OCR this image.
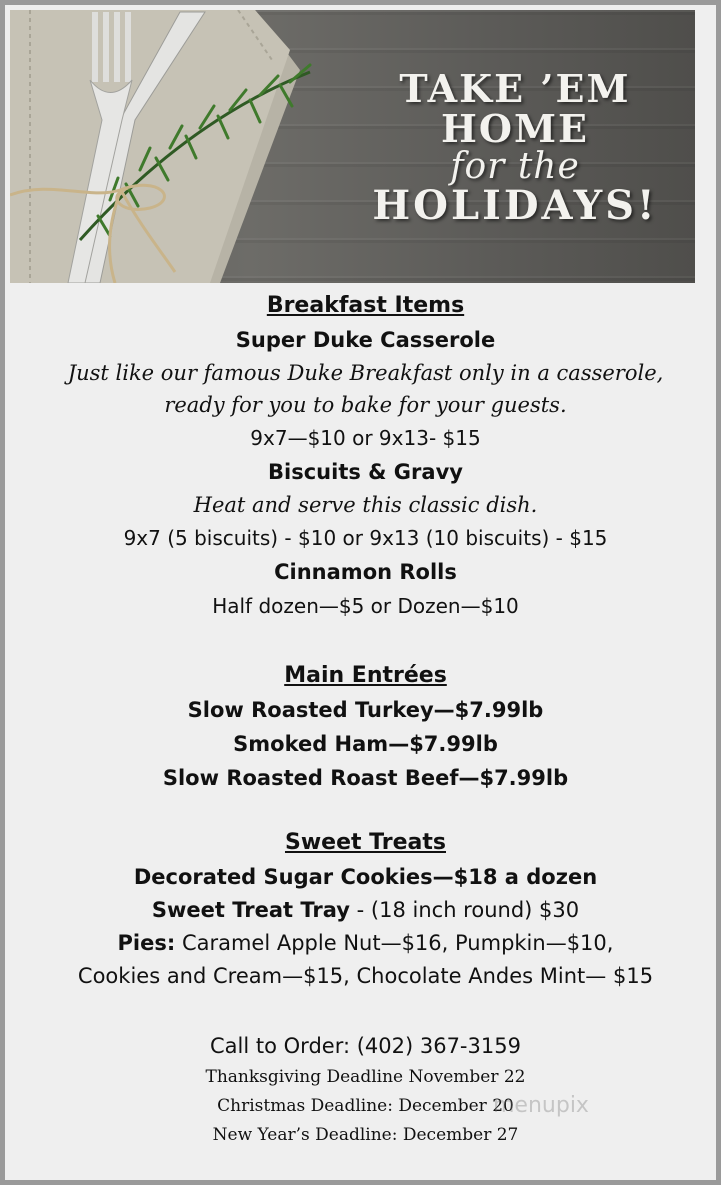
TAKE ’EM
HOME
for the
HOLIDAYS!
Breakfast Items
Super Duke Casserole
Just like our famous Duke Breakfast only in a casserole,
ready for you to bake for your guests.
9x7—$10 or 9x13- $15
Biscuits & Gravy
Heat and serve this classic dish.
9x7 (5 biscuits) - $10 or 9x13 (10 biscuits) - $15
Cinnamon Rolls
Half dozen—$5 or Dozen—$10
Main Entrées
Slow Roasted Turkey—$7.99lb
Smoked Ham—$7.99lb
Slow Roasted Roast Beef—$7.99lb
Sweet Treats
Decorated Sugar Cookies—$18 a dozen
Sweet Treat Tray - (18 inch round) $30
Pies: Caramel Apple Nut—$16, Pumpkin—$10,
Cookies and Cream—$15, Chocolate Andes Mint— $15
Call to Order: (402) 367-3159
Thanksgiving Deadline November 22
Christmas Deadline: December 20
New Year’s Deadline: December 27
menupix
